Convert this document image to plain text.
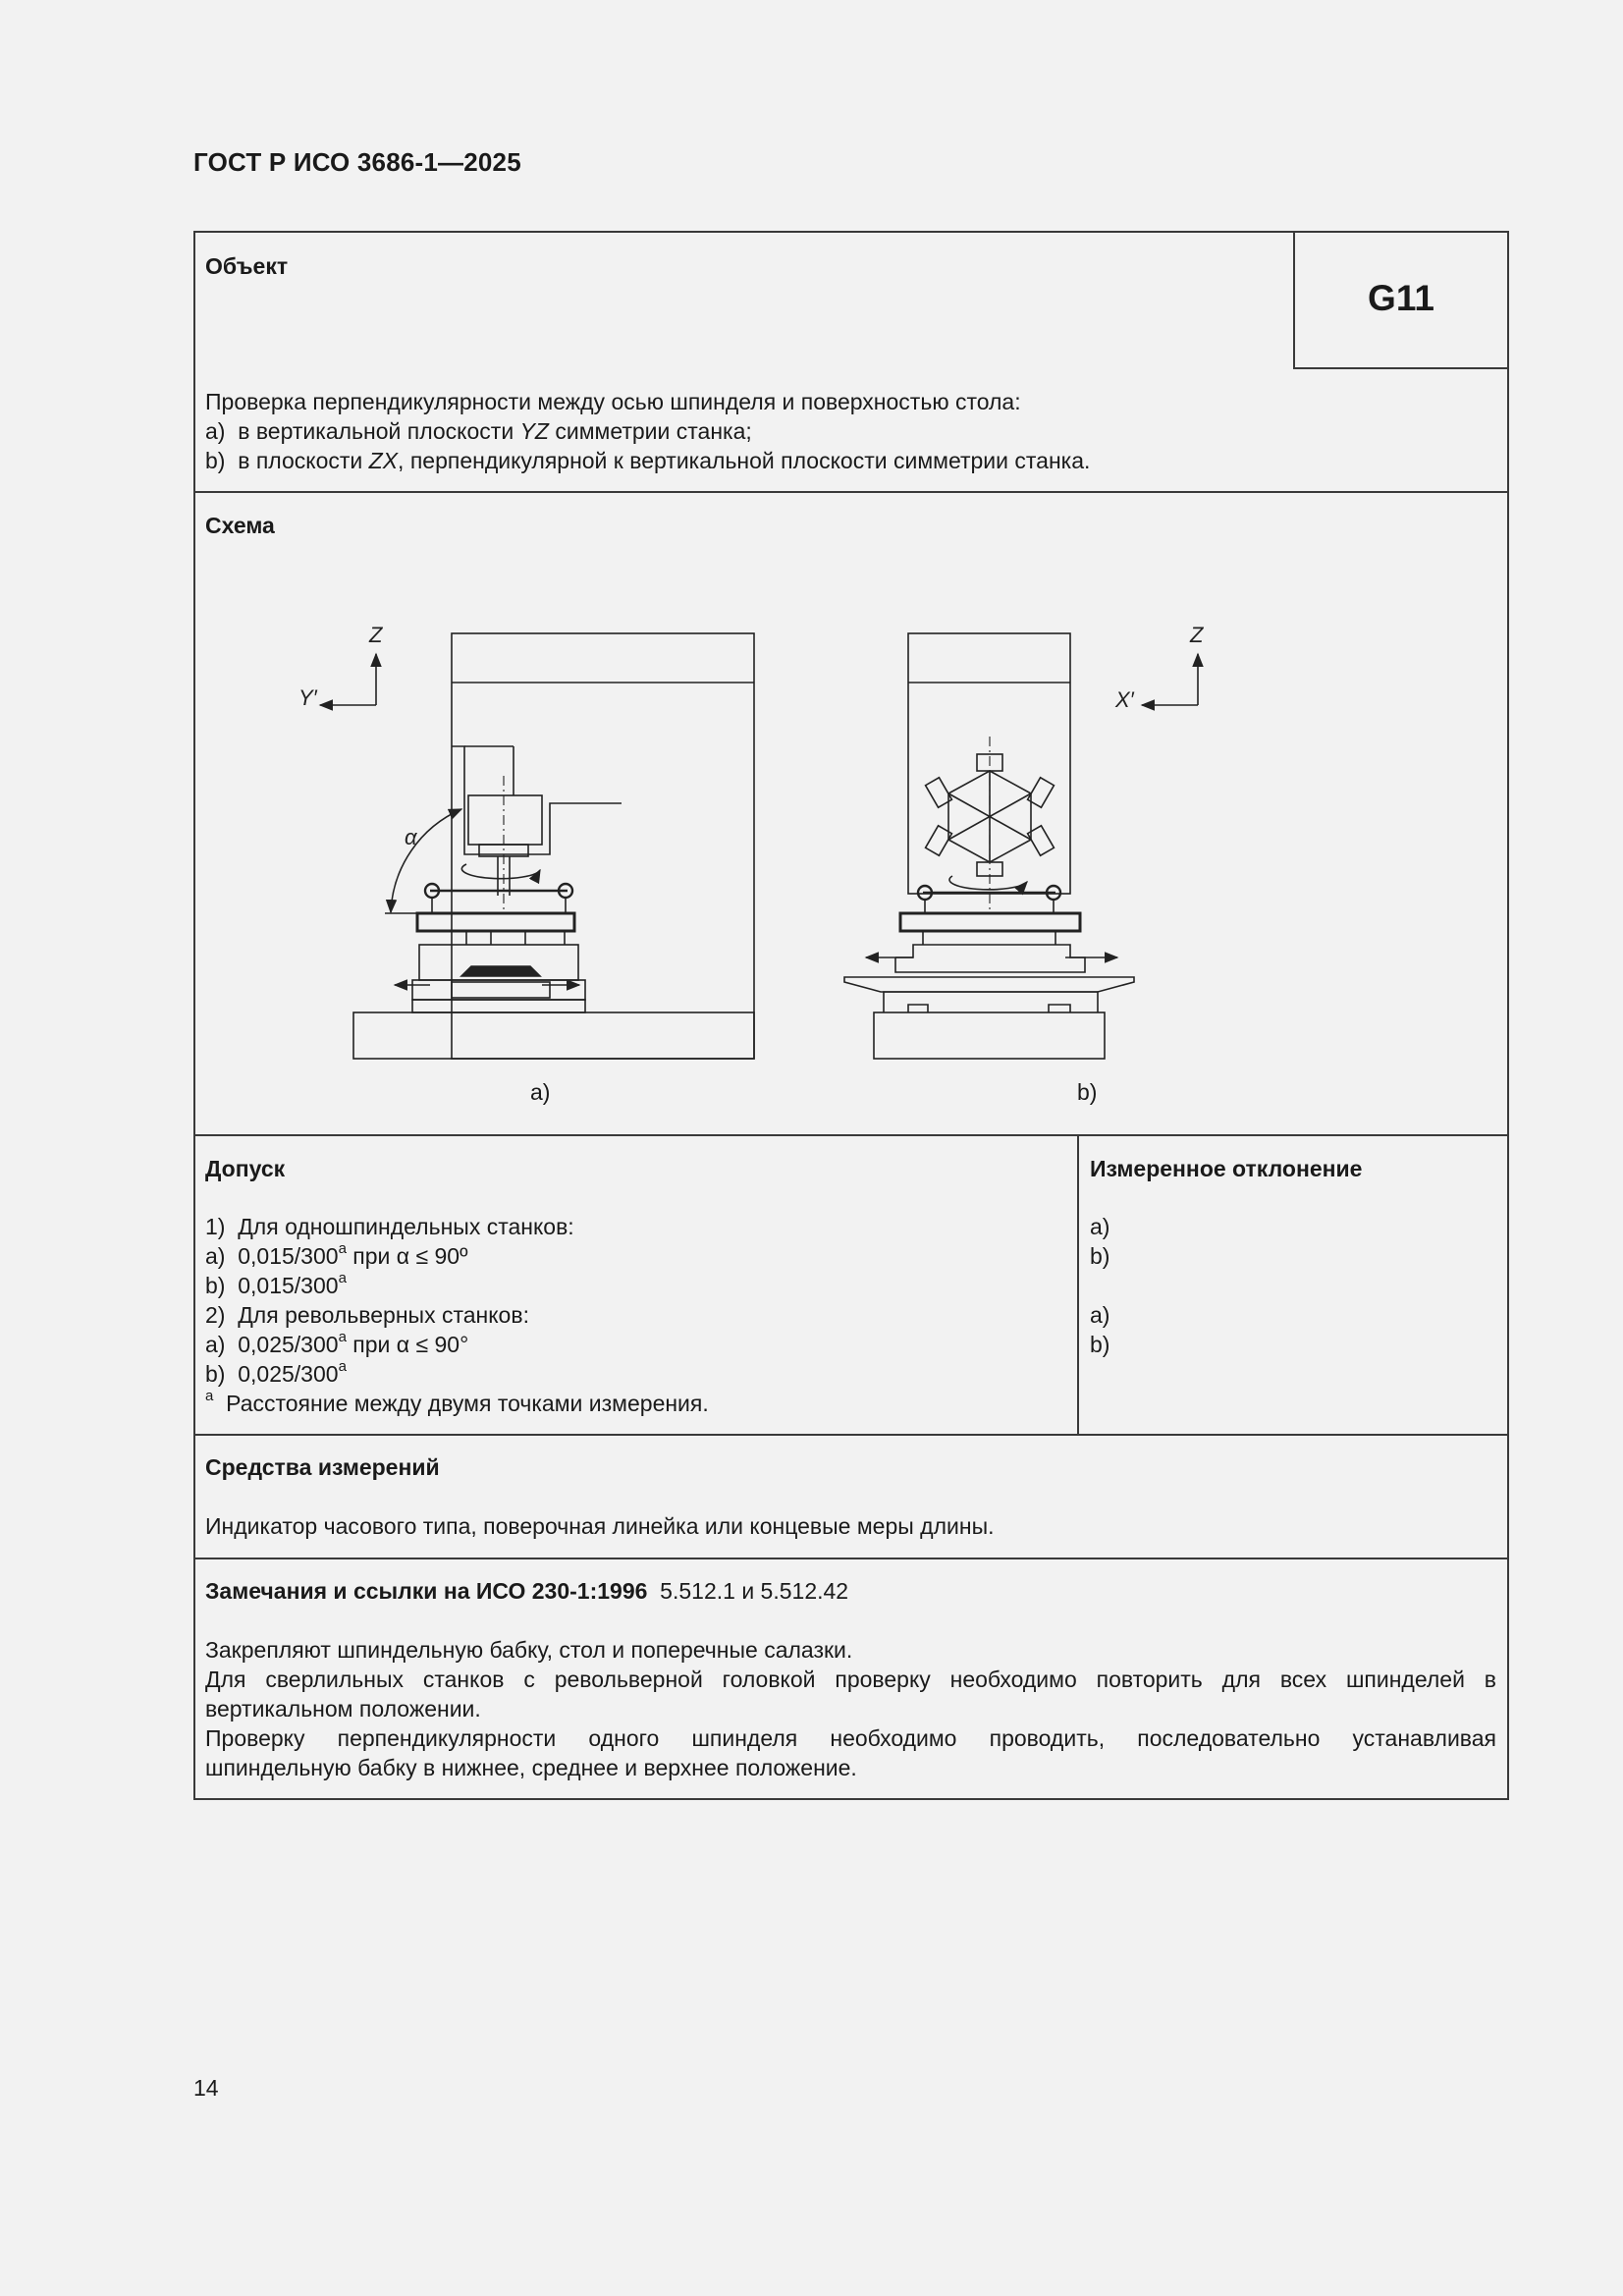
ГОСТ Р ИСО 3686-1—2025
G11
Объект
Проверка перпендикулярности между осью шпинделя и поверхностью стола:
a)  в вертикальной плоскости YZ симметрии станка;
b)  в плоскости ZX, перпендикулярной к вертикальной плоскости симметрии станка.
Схема
Z
Y′
α
Z
X′
a)	b)
Допуск
1)  Для одношпиндельных станков:
a)  0,015/300$^a$ при α ≤ 90º
b)  0,015/300$^a$
2)  Для револьверных станков:
a)  0,025/300$^a$ при α ≤ 90°
b)  0,025/300$^a$
$^a$  Расстояние между двумя точками измерения.
Измеренное отклонение
a)
b)
a)
b)
Средства измерений
Индикатор часового типа, поверочная линейка или концевые меры длины.
Замечания и ссылки на ИСО 230-1:1996  5.512.1 и 5.512.42
Закрепляют шпиндельную бабку, стол и поперечные салазки.
Для сверлильных станков с револьверной головкой проверку необходимо повторить для всех шпинделей в
вертикальном положении.
Проверку перпендикулярности одного шпинделя необходимо проводить, последовательно устанавливая
шпиндельную бабку в нижнее, среднее и верхнее положение.
14
